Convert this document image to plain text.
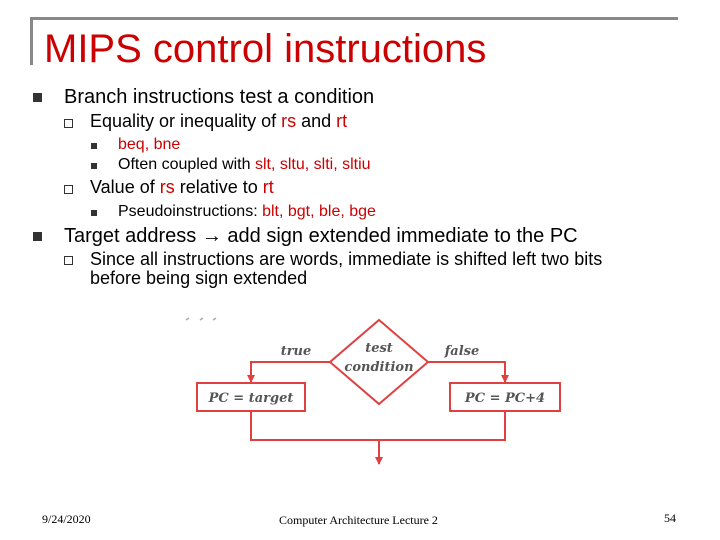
MIPS control instructions
Branch instructions test a condition
Equality or inequality of rs and rt
beq, bne
Often coupled with slt, sltu, slti, sltiu
Value of rs relative to rt
Pseudoinstructions: blt, bgt, ble, bge
Target address → add sign extended immediate to the PC
Since all instructions are words, immediate is shifted left two bits
before being sign extended
test
condition
true	false
PC = target	PC = PC+4
9/24/2020	Computer Architecture Lecture 2	54
